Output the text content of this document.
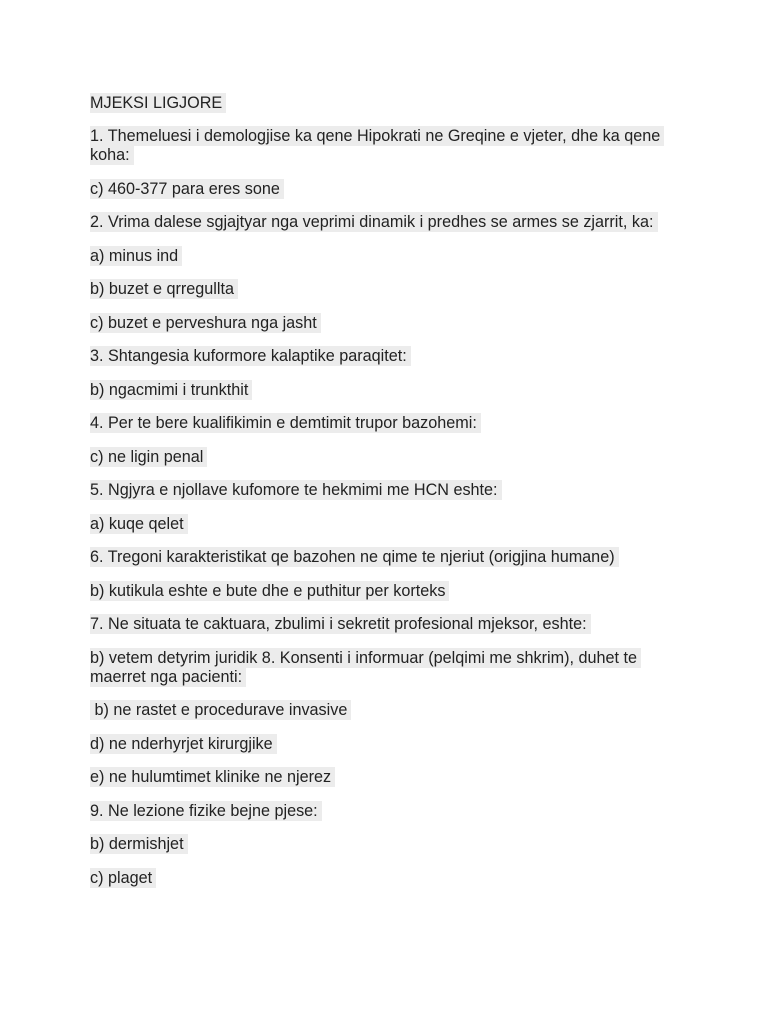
MJEKSI LIGJORE

1. Themeluesi i demologjise ka qene Hipokrati ne Greqine e vjeter, dhe ka qene koha:

c) 460-377 para eres sone

2. Vrima dalese sgjajtyar nga veprimi dinamik i predhes se armes se zjarrit, ka:

a) minus ind

b) buzet e qrregullta

c) buzet e perveshura nga jasht

3. Shtangesia kuformore kalaptike paraqitet:

b) ngacmimi i trunkthit

4. Per te bere kualifikimin e demtimit trupor bazohemi:

c) ne ligin penal

5. Ngjyra e njollave kufomore te hekmimi me HCN eshte:

a) kuqe qelet

6. Tregoni karakteristikat qe bazohen ne qime te njeriut (origjina humane)

b) kutikula eshte e bute dhe e puthitur per korteks

7. Ne situata te caktuara, zbulimi i sekretit profesional mjeksor, eshte:

b) vetem detyrim juridik 8. Konsenti i informuar (pelqimi me shkrim), duhet te maerret nga pacienti:

b) ne rastet e procedurave invasive

d) ne nderhyrjet kirurgjike

e) ne hulumtimet klinike ne njerez

9. Ne lezione fizike bejne pjese:

b) dermishjet

c) plaget
